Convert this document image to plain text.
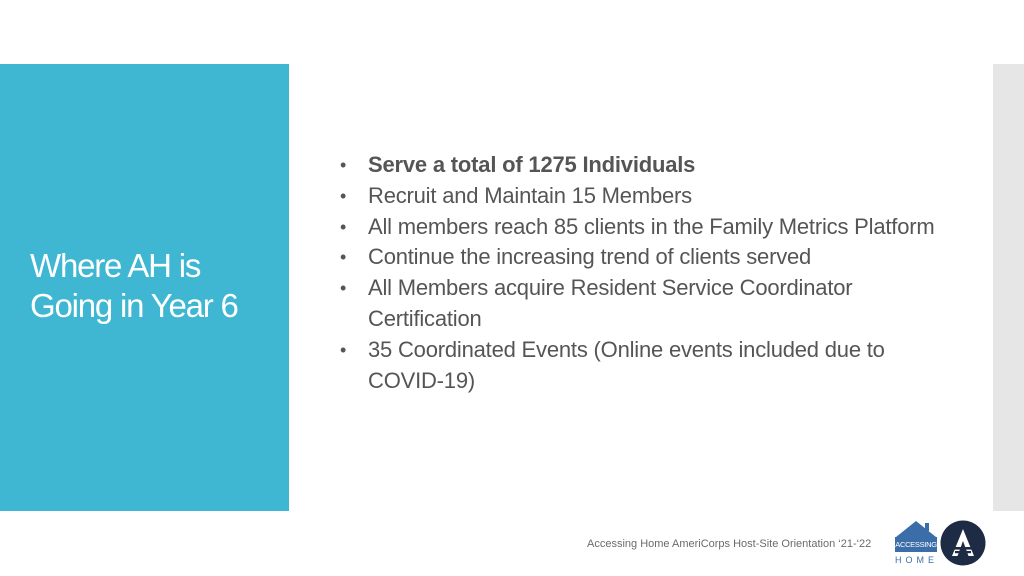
Where AH is
Going in Year 6
• Serve a total of 1275 Individuals
• Recruit and Maintain 15 Members
• All members reach 85 clients in the Family Metrics Platform
• Continue the increasing trend of clients served
• All Members acquire Resident Service Coordinator Certification
• 35 Coordinated Events (Online events included due to COVID-19)
Accessing Home AmeriCorps Host-Site Orientation ‘21-‘22	ACCESSING
HOME
